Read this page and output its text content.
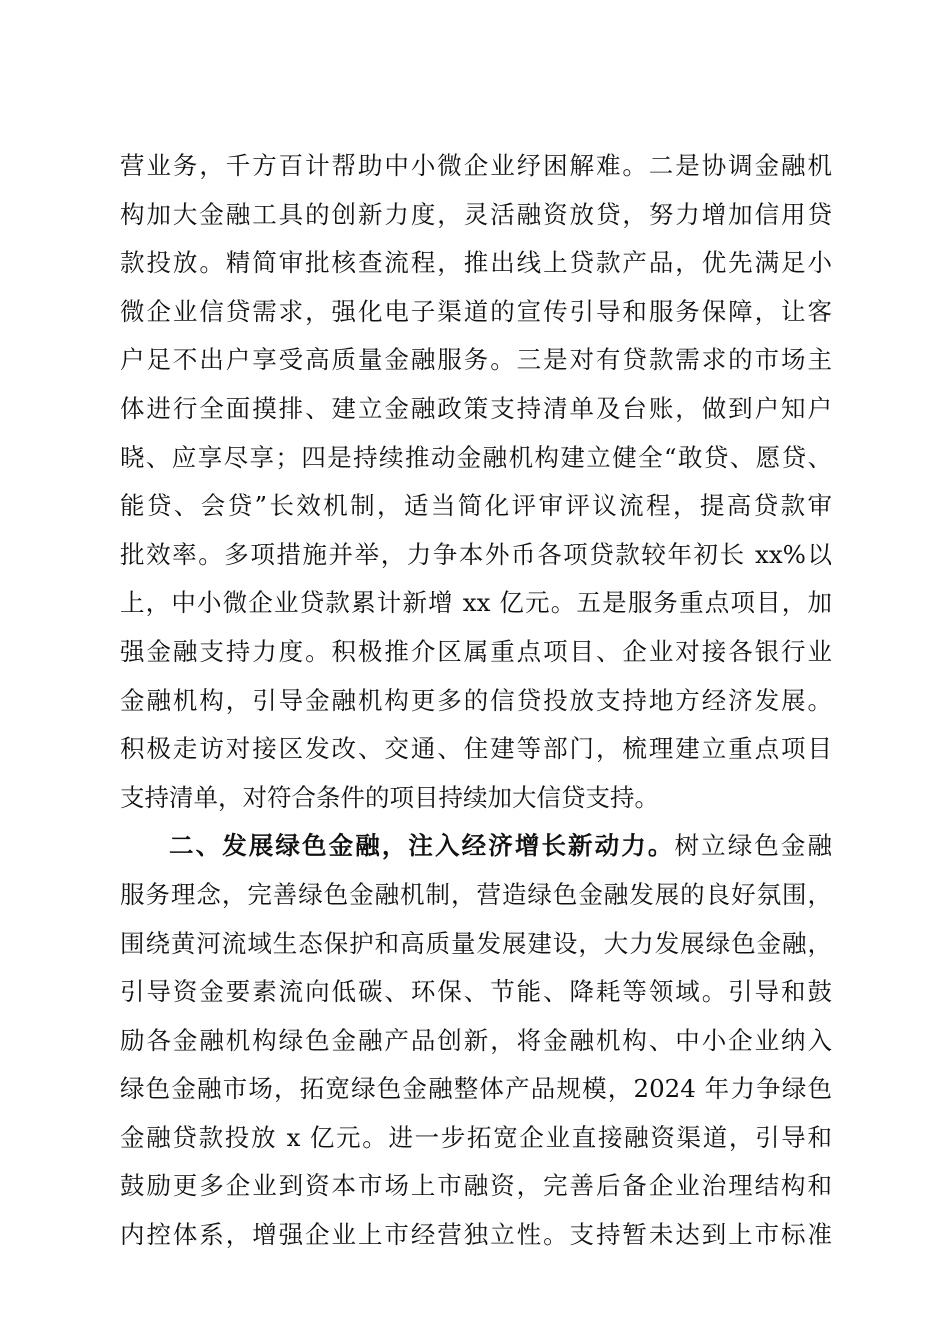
营业务，千方百计帮助中小微企业纾困解难。二是协调金融机
构加大金融工具的创新力度，灵活融资放贷，努力增加信用贷
款投放。精简审批核查流程，推出线上贷款产品，优先满足小
微企业信贷需求，强化电子渠道的宣传引导和服务保障，让客
户足不出户享受高质量金融服务。三是对有贷款需求的市场主
体进行全面摸排、建立金融政策支持清单及台账，做到户知户
晓、应享尽享；四是持续推动金融机构建立健全“敢贷、愿贷、
能贷、会贷”长效机制，适当简化评审评议流程，提高贷款审
批效率。多项措施并举，力争本外币各项贷款较年初长 xx%以
上，中小微企业贷款累计新增 xx 亿元。五是服务重点项目，加
强金融支持力度。积极推介区属重点项目、企业对接各银行业
金融机构，引导金融机构更多的信贷投放支持地方经济发展。
积极走访对接区发改、交通、住建等部门，梳理建立重点项目
支持清单，对符合条件的项目持续加大信贷支持。
二、发展绿色金融，注入经济增长新动力。树立绿色金融
服务理念，完善绿色金融机制，营造绿色金融发展的良好氛围，
围绕黄河流域生态保护和高质量发展建设，大力发展绿色金融，
引导资金要素流向低碳、环保、节能、降耗等领域。引导和鼓
励各金融机构绿色金融产品创新，将金融机构、中小企业纳入
绿色金融市场，拓宽绿色金融整体产品规模，2024 年力争绿色
金融贷款投放 x 亿元。进一步拓宽企业直接融资渠道，引导和
鼓励更多企业到资本市场上市融资，完善后备企业治理结构和
内控体系，增强企业上市经营独立性。支持暂未达到上市标准
